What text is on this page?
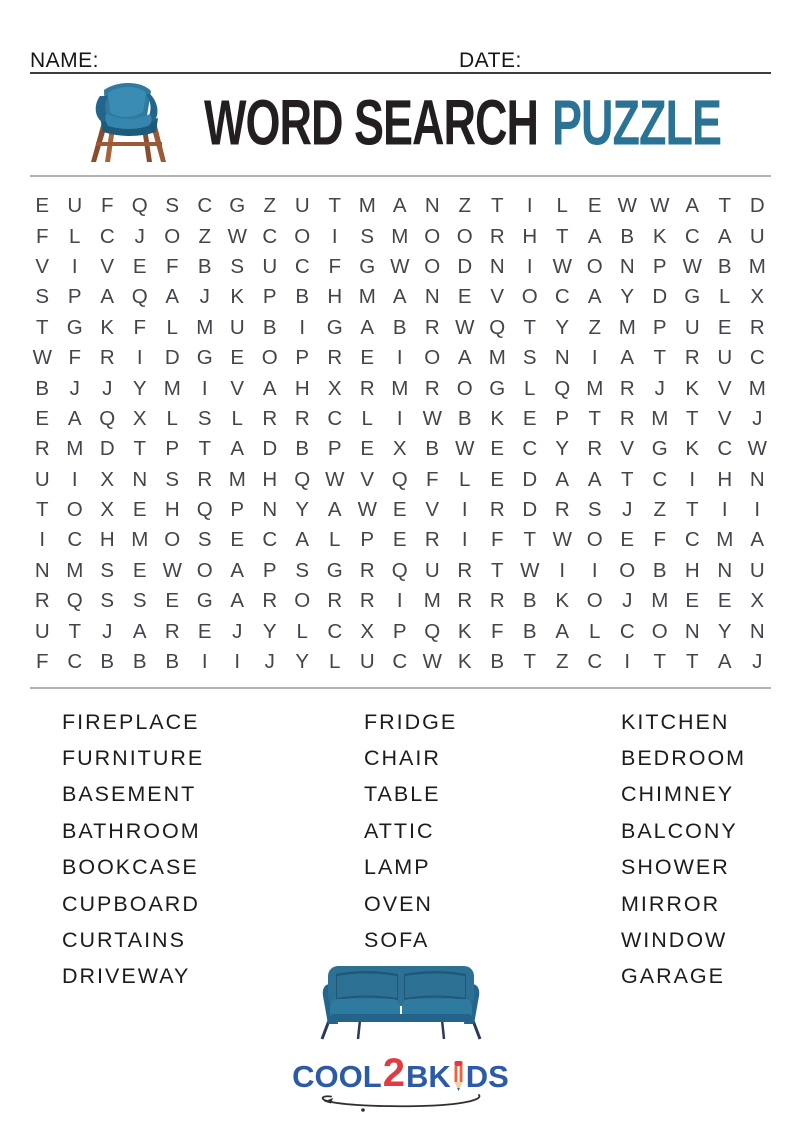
NAME:	DATE:
WORD SEARCH PUZZLE
E U F Q S C G Z U T M A N Z T	I	L E W W A T D
F	L C J O Z W C O	I	S M O O R H T A B K C A U
V	I	V E F B S U C F G W O D N	I W O N P W B M
S P A Q A	J	K P B H M A N E V O C A Y D G L X
T G K F	L M U B	I	G A B R W Q T Y Z M P U E R
W F R	I	D G E O P R E	I	O A M S N	I	A T R U C
B	J	J	Y M	I	V A H X R M R O G L Q M R J	K V M
E A Q X L S L R R C L	I W B K E P T R M T V	J
R M D T P T A D B P E X B W E C Y R V G K C W
U	I	X N S R M H Q W V Q F	L E D A A T C	I	H N
T O X E H Q P N Y A W E V	I	R D R S	J	Z T	I	I
I	C H M O S E C A L P E R	I	F T W O E F C M A
N M S E W O A P S G R Q U R T W I	I	O B H N U
R Q S S E G A R O R R	I	M R R B K O J M E E X
U T	J	A R E	J	Y L C X P Q K F B A L C O N Y N
F C B B B	I	I	J	Y L U C W K B T Z C	I	T T A	J
FIREPLACE
FURNITURE
BASEMENT
BATHROOM
BOOKCASE
CUPBOARD
CURTAINS
DRIVEWAY
FRIDGE
CHAIR
TABLE
ATTIC
LAMP
OVEN
SOFA
KITCHEN
BEDROOM
CHIMNEY
BALCONY
SHOWER
MIRROR
WINDOW
GARAGE
COOL 2 BK DS
